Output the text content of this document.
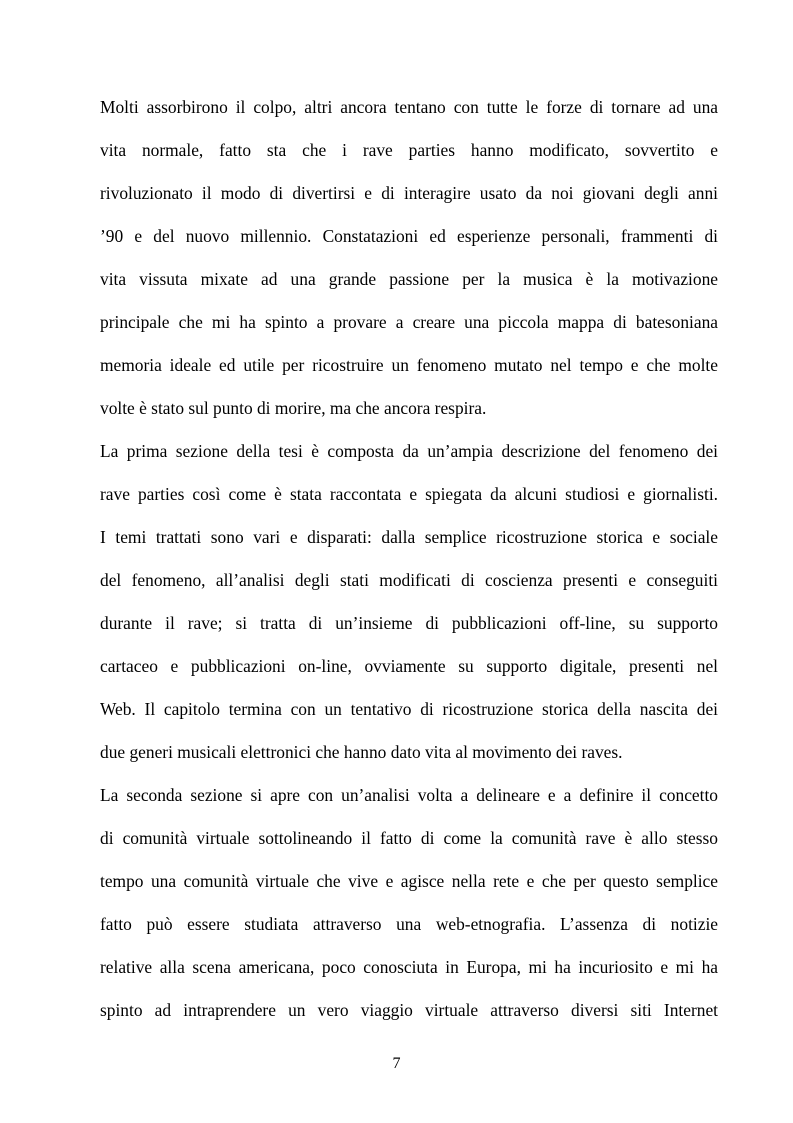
Molti assorbirono il colpo, altri ancora tentano con tutte le forze di tornare ad una
vita normale, fatto sta che i rave parties hanno modificato, sovvertito e
rivoluzionato il modo di divertirsi e di interagire usato da noi giovani degli anni
’90 e del nuovo millennio. Constatazioni ed esperienze personali, frammenti di
vita vissuta mixate ad una grande passione per la musica è la motivazione
principale che mi ha spinto a provare a creare una piccola mappa di batesoniana
memoria ideale ed utile per ricostruire un fenomeno mutato nel tempo e che molte
volte è stato sul punto di morire, ma che ancora respira.
La prima sezione della tesi è composta da un’ampia descrizione del fenomeno dei
rave parties così come è stata raccontata e spiegata da alcuni studiosi e giornalisti.
I temi trattati sono vari e disparati: dalla semplice ricostruzione storica e sociale
del fenomeno, all’analisi degli stati modificati di coscienza presenti e conseguiti
durante il rave; si tratta di un’insieme di pubblicazioni off-line, su supporto
cartaceo e pubblicazioni on-line, ovviamente su supporto digitale, presenti nel
Web. Il capitolo termina con un tentativo di ricostruzione storica della nascita dei
due generi musicali elettronici che hanno dato vita al movimento dei raves.
La seconda sezione si apre con un’analisi volta a delineare e a definire il concetto
di comunità virtuale sottolineando il fatto di come la comunità rave è allo stesso
tempo una comunità virtuale che vive e agisce nella rete e che per questo semplice
fatto può essere studiata attraverso una web-etnografia. L’assenza di notizie
relative alla scena americana, poco conosciuta in Europa, mi ha incuriosito e mi ha
spinto ad intraprendere un vero viaggio virtuale attraverso diversi siti Internet
7
